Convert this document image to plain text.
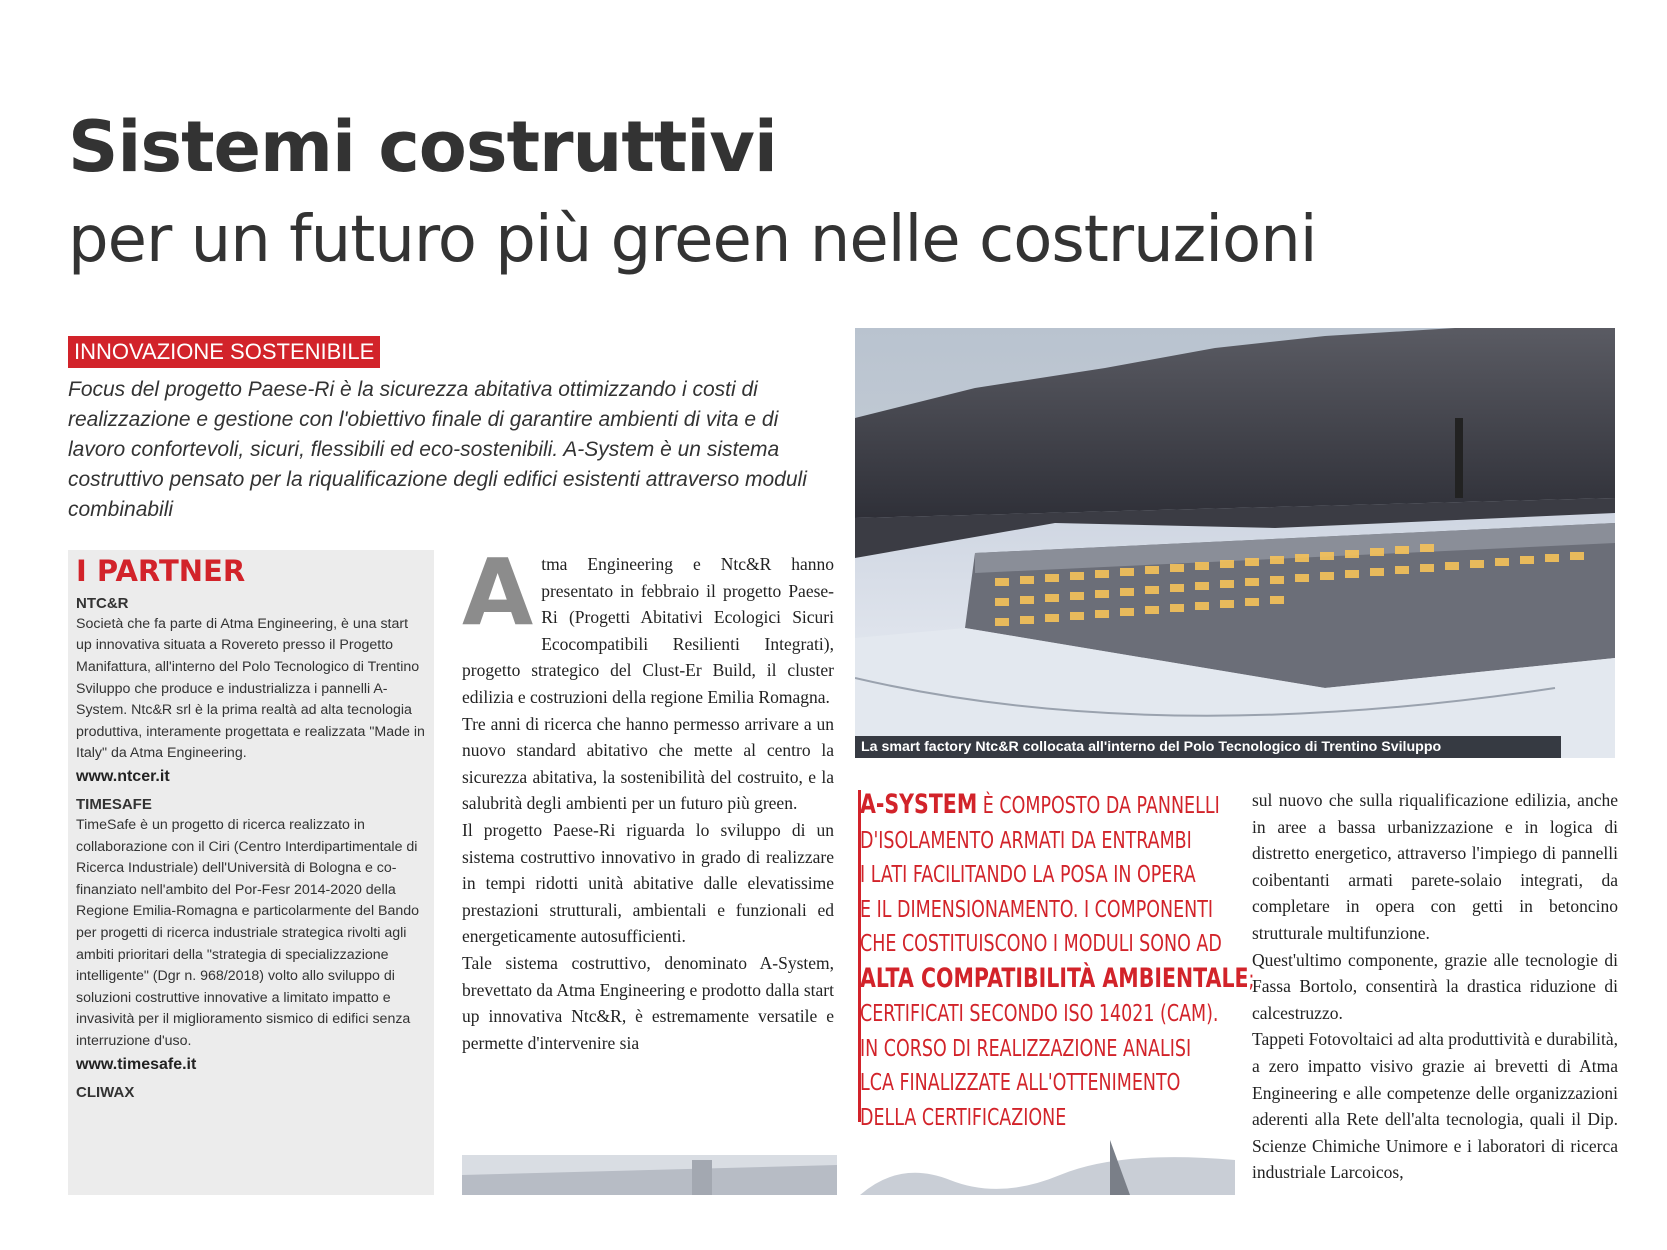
Sistemi costruttivi
per un futuro più green nelle costruzioni
INNOVAZIONE SOSTENIBILE
Focus del progetto Paese-Ri è la sicurezza abitativa ottimizzando i costi di realizzazione e gestione con l'obiettivo finale di garantire ambienti di vita e di lavoro confortevoli, sicuri, flessibili ed eco-sostenibili. A-System è un sistema costruttivo pensato per la riqualificazione degli edifici esistenti attraverso moduli combinabili
I PARTNER
NTC&R
Società che fa parte di Atma Engineering, è una start up innovativa situata a Rovereto presso il Progetto Manifattura, all'interno del Polo Tecnologico di Trentino Sviluppo che produce e industrializza i pannelli A-System. Ntc&R srl è la prima realtà ad alta tecnologia produttiva, interamente progettata e realizzata "Made in Italy" da Atma Engineering.
www.ntcer.it
TIMESAFE
TimeSafe è un progetto di ricerca realizzato in collaborazione con il Ciri (Centro Interdipartimentale di Ricerca Industriale) dell'Università di Bologna e co-finanziato nell'ambito del Por-Fesr 2014-2020 della Regione Emilia-Romagna e particolarmente del Bando per progetti di ricerca industriale strategica rivolti agli ambiti prioritari della "strategia di specializzazione intelligente" (Dgr n. 968/2018) volto allo sviluppo di soluzioni costruttive innovative a limitato impatto e invasività per il miglioramento sismico di edifici senza interruzione d'uso.
www.timesafe.it
CLIWAX
A tma Engineering e Ntc&R hanno presentato in febbraio il progetto Paese-Ri (Progetti Abitativi Ecologici Sicuri Ecocompatibili Resilienti Integrati), progetto strategico del Clust-Er Build, il cluster edilizia e costruzioni della regione Emilia Romagna.

Tre anni di ricerca che hanno permesso arrivare a un nuovo standard abitativo che mette al centro la sicurezza abitativa, la sostenibilità del costruito, e la salubrità degli ambienti per un futuro più green.

Il progetto Paese-Ri riguarda lo sviluppo di un sistema costruttivo innovativo in grado di realizzare in tempi ridotti unità abitative dalle elevatissime prestazioni strutturali, ambientali e funzionali ed energeticamente autosufficienti.

Tale sistema costruttivo, denominato A-System, brevettato da Atma Engineering e prodotto dalla start up innovativa Ntc&R, è estremamente versatile e permette d'intervenire sia

La smart factory Ntc&R collocata all'interno del Polo Tecnologico di Trentino Sviluppo
A-SYSTEM È COMPOSTO DA PANNELLI
D'ISOLAMENTO ARMATI DA ENTRAMBI
I LATI FACILITANDO LA POSA IN OPERA
E IL DIMENSIONAMENTO. I COMPONENTI
CHE COSTITUISCONO I MODULI SONO AD
ALTA COMPATIBILITÀ AMBIENTALE;
CERTIFICATI SECONDO ISO 14021 (CAM).
IN CORSO DI REALIZZAZIONE ANALISI
LCA FINALIZZATE ALL'OTTENIMENTO
DELLA CERTIFICAZIONE

sul nuovo che sulla riqualificazione edilizia, anche in aree a bassa urbanizzazione e in logica di distretto energetico, attraverso l'impiego di pannelli coibentanti armati parete-solaio integrati, da completare in opera con getti in betoncino strutturale multifunzione.

Quest'ultimo componente, grazie alle tecnologie di Fassa Bortolo, consentirà la drastica riduzione di calcestruzzo.

Tappeti Fotovoltaici ad alta produttività e durabilità, a zero impatto visivo grazie ai brevetti di Atma Engineering e alle competenze delle organizzazioni aderenti alla Rete dell'alta tecnologia, quali il Dip. Scienze Chimiche Unimore e i laboratori di ricerca industriale Larcoicos,
